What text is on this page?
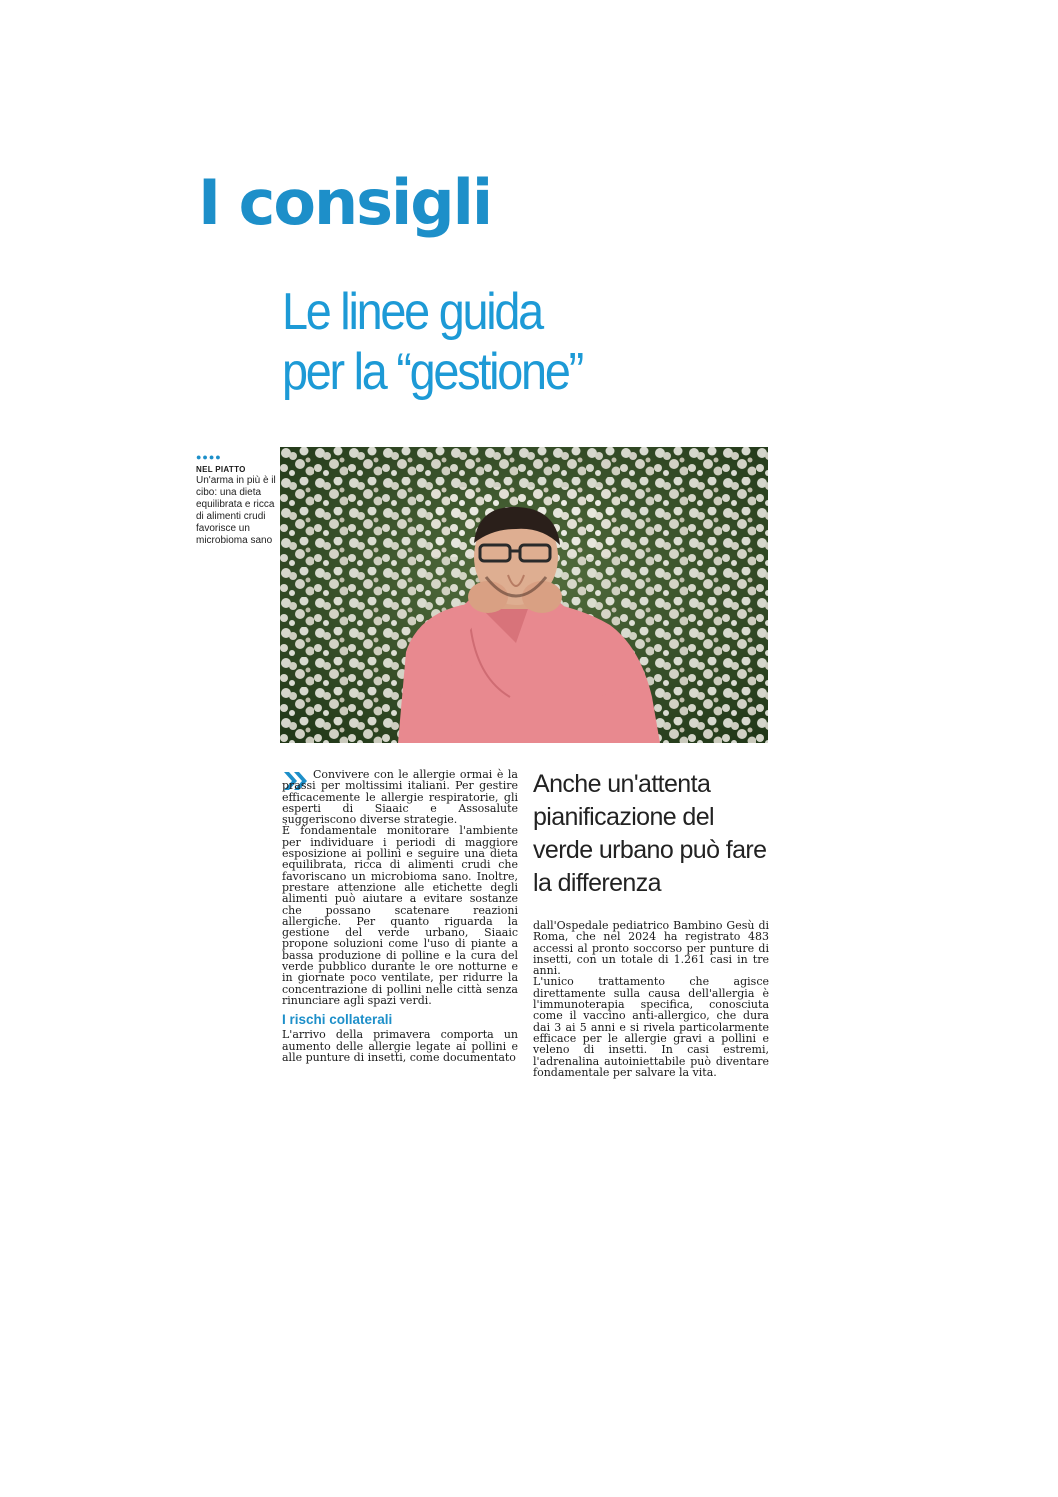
I consigli
Le linee guida
per la “gestione”
●●●●
NEL PIATTO
Un'arma in più è il cibo: una dieta equilibrata e ricca di alimenti crudi favorisce un microbioma sano

Convivere con le allergie ormai è la prassi per moltissimi italiani. Per gestire efficacemente le allergie respiratorie, gli esperti di Siaaic e Assosalute suggeriscono diverse strategie.

È fondamentale monitorare l'ambiente per individuare i periodi di maggiore esposizione ai pollini e seguire una dieta equilibrata, ricca di alimenti crudi che favoriscano un microbioma sano. Inoltre, prestare attenzione alle etichette degli alimenti può aiutare a evitare sostanze che possano scatenare reazioni allergiche. Per quanto riguarda la gestione del verde urbano, Siaaic propone soluzioni come l'uso di piante a bassa produzione di polline e la cura del verde pubblico durante le ore notturne e in giornate poco ventilate, per ridurre la concentrazione di pollini nelle città senza rinunciare agli spazi verdi.

I rischi collaterali

L'arrivo della primavera comporta un aumento delle allergie legate ai pollini e alle punture di insetti, come documentato

Anche un'attenta pianificazione del verde urbano può fare la differenza

dall'Ospedale pediatrico Bambino Gesù di Roma, che nel 2024 ha registrato 483 accessi al pronto soccorso per punture di insetti, con un totale di 1.261 casi in tre anni.

L'unico trattamento che agisce direttamente sulla causa dell'allergia è l'immunoterapia specifica, conosciuta come il vaccino anti-allergico, che dura dai 3 ai 5 anni e si rivela particolarmente efficace per le allergie gravi a pollini e veleno di insetti. In casi estremi, l'adrenalina autoiniettabile può diventare fondamentale per salvare la vita.
